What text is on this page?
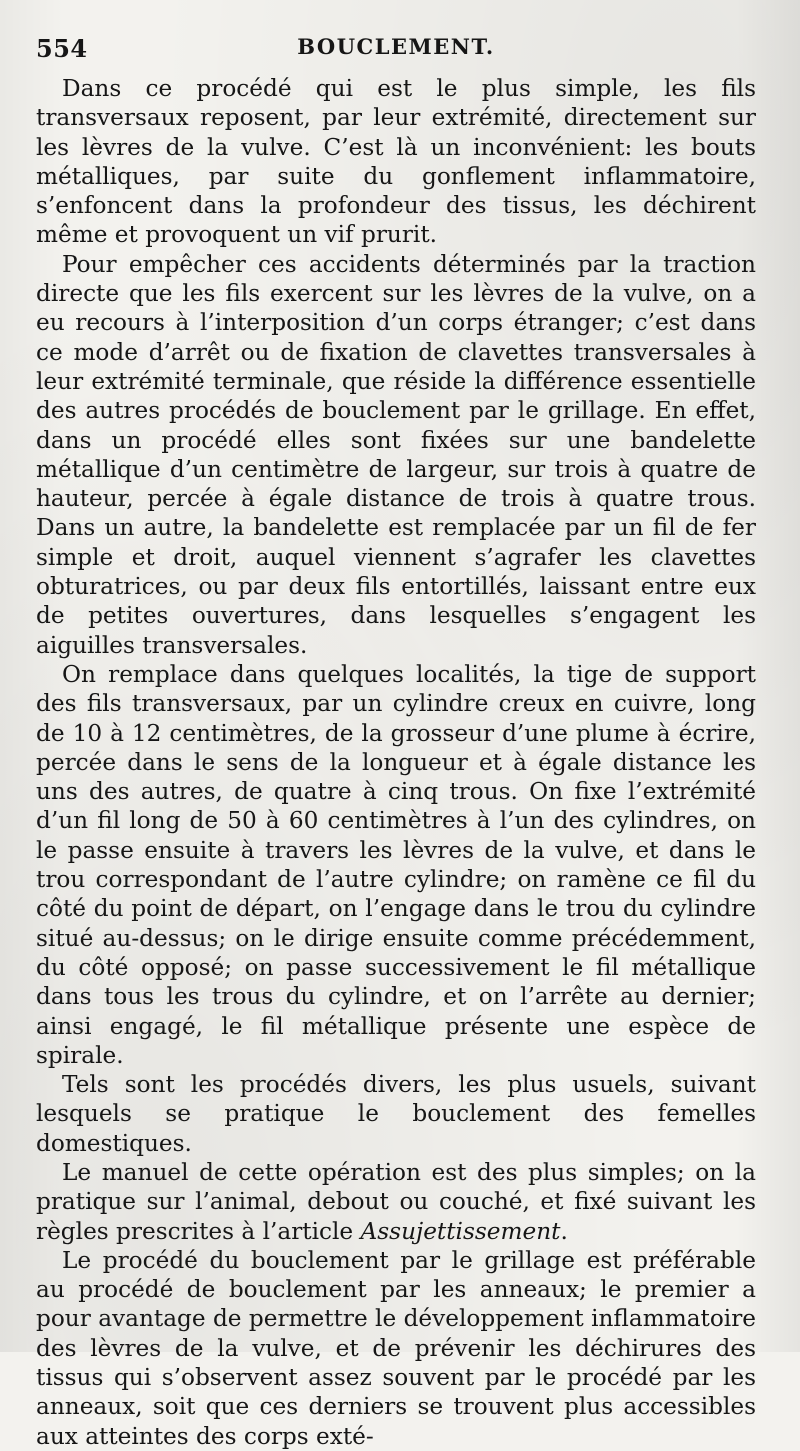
554	BOUCLEMENT.

Dans ce procédé qui est le plus simple, les fils transversaux reposent, par leur extrémité, directement sur les lèvres de la vulve. C’est là un inconvénient: les bouts métalliques, par suite du gonflement inflammatoire, s’enfoncent dans la profondeur des tissus, les déchirent même et provoquent un vif prurit.

Pour empêcher ces accidents déterminés par la traction directe que les fils exercent sur les lèvres de la vulve, on a eu recours à l’interposition d’un corps étranger; c’est dans ce mode d’arrêt ou de fixation de clavettes transversales à leur extrémité terminale, que réside la différence essentielle des autres procédés de bouclement par le grillage. En effet, dans un procédé elles sont fixées sur une bandelette métallique d’un centimètre de largeur, sur trois à quatre de hauteur, percée à égale distance de trois à quatre trous. Dans un autre, la bandelette est remplacée par un fil de fer simple et droit, auquel viennent s’agrafer les clavettes obturatrices, ou par deux fils entortillés, laissant entre eux de petites ouvertures, dans lesquelles s’engagent les aiguilles transversales.

On remplace dans quelques localités, la tige de support des fils transversaux, par un cylindre creux en cuivre, long de 10 à 12 centimètres, de la grosseur d’une plume à écrire, percée dans le sens de la longueur et à égale distance les uns des autres, de quatre à cinq trous. On fixe l’extrémité d’un fil long de 50 à 60 centimètres à l’un des cylindres, on le passe ensuite à travers les lèvres de la vulve, et dans le trou correspondant de l’autre cylindre; on ramène ce fil du côté du point de départ, on l’engage dans le trou du cylindre situé au-dessus; on le dirige ensuite comme précédemment, du côté opposé; on passe successivement le fil métallique dans tous les trous du cylindre, et on l’arrête au dernier; ainsi engagé, le fil métallique présente une espèce de spirale.

Tels sont les procédés divers, les plus usuels, suivant lesquels se pratique le bouclement des femelles domestiques.

Le manuel de cette opération est des plus simples; on la pratique sur l’animal, debout ou couché, et fixé suivant les règles prescrites à l’article Assujettissement.

Le procédé du bouclement par le grillage est préférable au procédé de bouclement par les anneaux; le premier a pour avantage de permettre le développement inflammatoire des lèvres de la vulve, et de prévenir les déchirures des tissus qui s’observent assez souvent par le procédé par les anneaux, soit que ces derniers se trouvent plus accessibles aux atteintes des corps exté-
